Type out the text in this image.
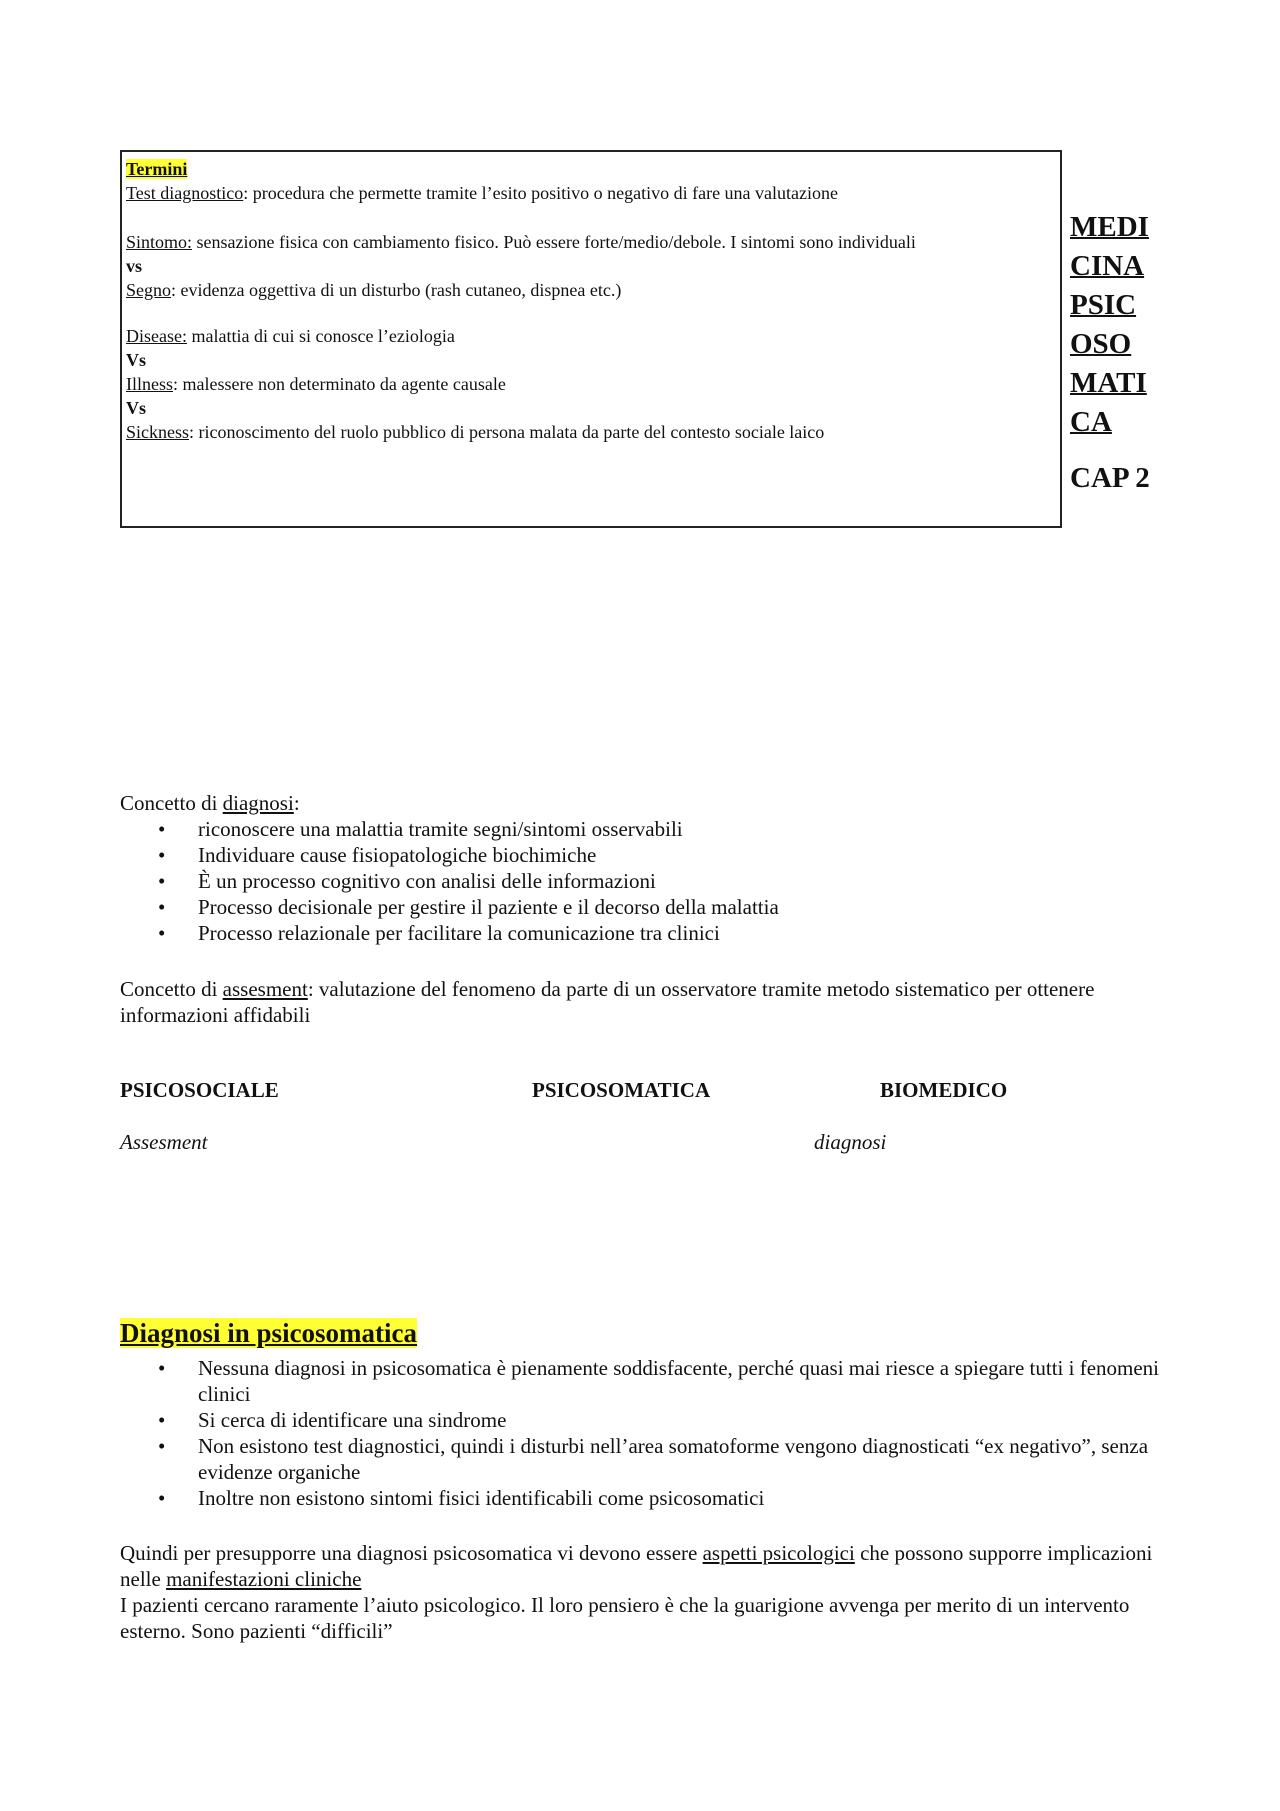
Termini

Test diagnostico: procedura che permette tramite l’esito positivo o negativo di fare una valutazione

Sintomo: sensazione fisica con cambiamento fisico. Può essere forte/medio/debole. I sintomi sono individuali

vs

Segno: evidenza oggettiva di un disturbo (rash cutaneo, dispnea etc.)

Disease: malattia di cui si conosce l’eziologia

Vs

Illness: malessere non determinato da agente causale

Vs

Sickness: riconoscimento del ruolo pubblico di persona malata da parte del contesto sociale laico

MEDI
CINA
PSIC
OSO
MATI
CA
CAP 2
Concetto di diagnosi:
• riconoscere una malattia tramite segni/sintomi osservabili
• Individuare cause fisiopatologiche biochimiche
• È un processo cognitivo con analisi delle informazioni
• Processo decisionale per gestire il paziente e il decorso della malattia
• Processo relazionale per facilitare la comunicazione tra clinici
Concetto di assesment: valutazione del fenomeno da parte di un osservatore tramite metodo sistematico per ottenere informazioni affidabili
PSICOSOCIALE	PSICOSOMATICA	BIOMEDICO
Assesment	diagnosi
Diagnosi in psicosomatica
• Nessuna diagnosi in psicosomatica è pienamente soddisfacente, perché quasi mai riesce a spiegare tutti i fenomeni clinici
• Si cerca di identificare una sindrome
• Non esistono test diagnostici, quindi i disturbi nell’area somatoforme vengono diagnosticati “ex negativo”, senza evidenze organiche
• Inoltre non esistono sintomi fisici identificabili come psicosomatici
Quindi per presupporre una diagnosi psicosomatica vi devono essere aspetti psicologici che possono supporre implicazioni nelle manifestazioni cliniche
I pazienti cercano raramente l’aiuto psicologico. Il loro pensiero è che la guarigione avvenga per merito di un intervento esterno. Sono pazienti “difficili”
